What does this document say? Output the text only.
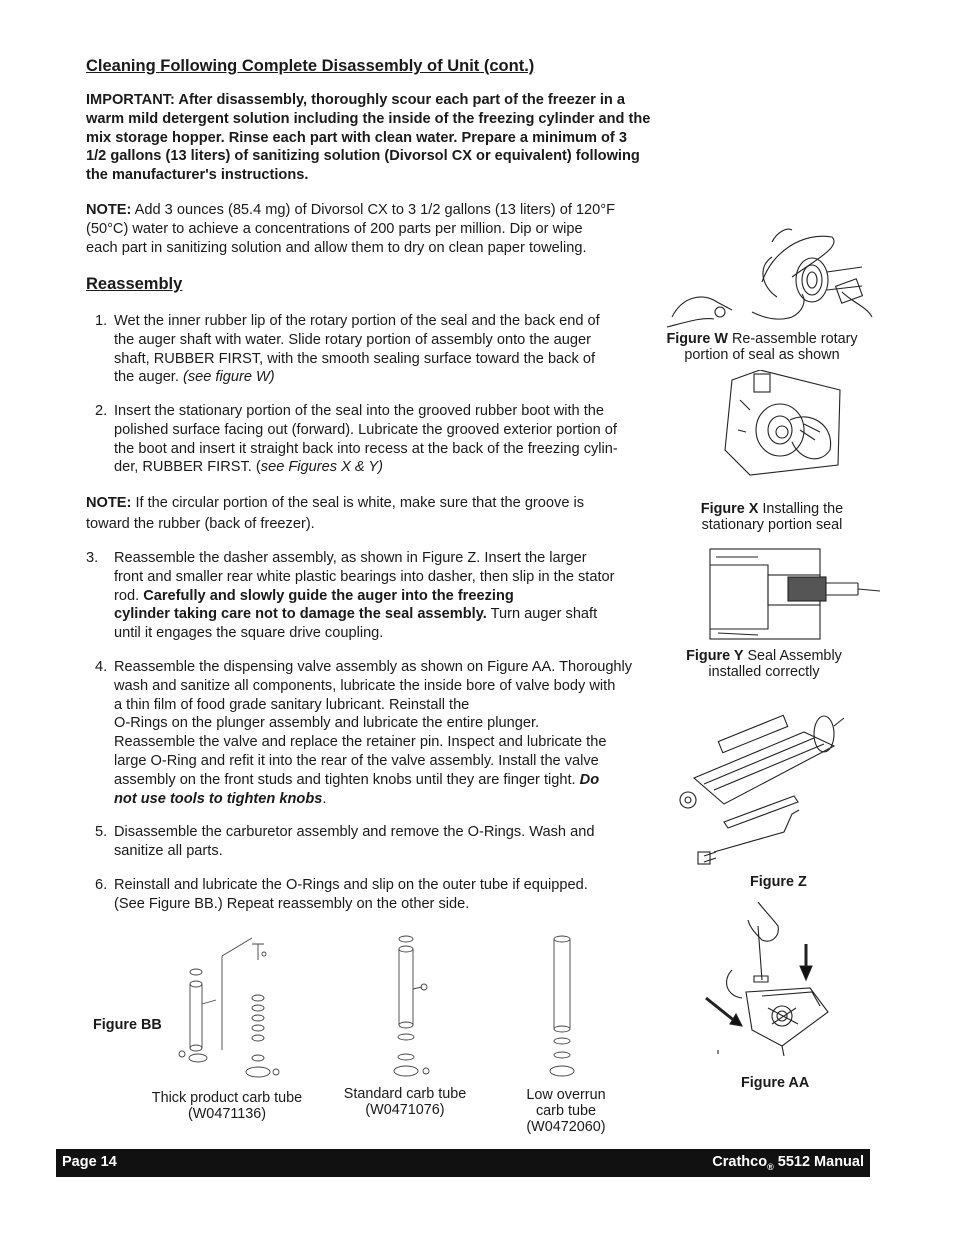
Cleaning Following Complete Disassembly of Unit (cont.)
IMPORTANT: After disassembly, thoroughly scour each part of the freezer in a
warm mild detergent solution including the inside of the freezing cylinder and the
mix storage hopper. Rinse each part with clean water. Prepare a minimum of 3
1/2 gallons (13 liters) of sanitizing solution (Divorsol CX or equivalent) following
the manufacturer's instructions.
NOTE: Add 3 ounces (85.4 mg) of Divorsol CX to 3 1/2 gallons (13 liters) of 120°F
(50°C) water to achieve a concentrations of 200 parts per million. Dip or wipe
each part in sanitizing solution and allow them to dry on clean paper toweling.
Reassembly
1. Wet the inner rubber lip of the rotary portion of the seal and the back end of
the auger shaft with water. Slide rotary portion of assembly onto the auger
shaft, RUBBER FIRST, with the smooth sealing surface toward the back of
the auger. (see figure W)
2. Insert the stationary portion of the seal into the grooved rubber boot with the
polished surface facing out (forward). Lubricate the grooved exterior portion of
the boot and insert it straight back into recess at the back of the freezing cylin-
der, RUBBER FIRST. (see Figures X & Y)
NOTE: If the circular portion of the seal is white, make sure that the groove is
toward the rubber (back of freezer).
3. Reassemble the dasher assembly, as shown in Figure Z. Insert the larger
front and smaller rear white plastic bearings into dasher, then slip in the stator
rod. Carefully and slowly guide the auger into the freezing
cylinder taking care not to damage the seal assembly. Turn auger shaft
until it engages the square drive coupling.
4. Reassemble the dispensing valve assembly as shown on Figure AA. Thoroughly
wash and sanitize all components, lubricate the inside bore of valve body with
a thin film of food grade sanitary lubricant. Reinstall the
O-Rings on the plunger assembly and lubricate the entire plunger.
Reassemble the valve and replace the retainer pin. Inspect and lubricate the
large O-Ring and refit it into the rear of the valve assembly. Install the valve
assembly on the front studs and tighten knobs until they are finger tight. Do
not use tools to tighten knobs.
5. Disassemble the carburetor assembly and remove the O-Rings. Wash and
sanitize all parts.
6. Reinstall and lubricate the O-Rings and slip on the outer tube if equipped.
(See Figure BB.) Repeat reassembly on the other side.
Figure W Re-assemble rotary
portion of seal as shown
Figure X Installing the
stationary portion seal
Figure Y Seal Assembly
installed correctly
Figure Z
Figure AA
Figure BB
Thick product carb tube
(W0471136)
Standard carb tube
(W0471076)
Low overrun
carb tube
(W0472060)
Page 14	Crathco$_®$ 5512 Manual
